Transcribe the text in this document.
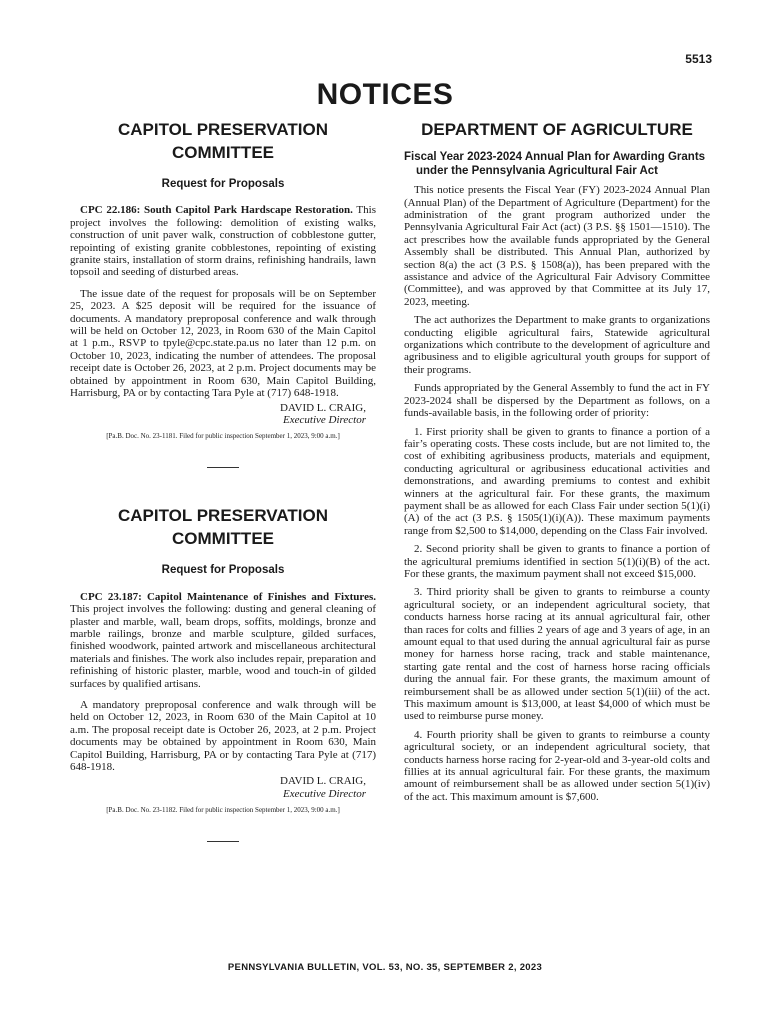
5513
NOTICES
CAPITOL PRESERVATION COMMITTEE
Request for Proposals

CPC 22.186: South Capitol Park Hardscape Restoration. This project involves the following: demolition of existing walks, construction of unit paver walk, construction of cobblestone gutter, repointing of existing granite cobblestones, repointing of existing granite stairs, installation of storm drains, refinishing handrails, lawn topsoil and seeding of disturbed areas.

The issue date of the request for proposals will be on September 25, 2023. A $25 deposit will be required for the issuance of documents. A mandatory preproposal conference and walk through will be held on October 12, 2023, in Room 630 of the Main Capitol at 1 p.m., RSVP to tpyle@cpc.state.pa.us no later than 12 p.m. on October 10, 2023, indicating the number of attendees. The proposal receipt date is October 26, 2023, at 2 p.m. Project documents may be obtained by appointment in Room 630, Main Capitol Building, Harrisburg, PA or by contacting Tara Pyle at (717) 648-1918.

DAVID L. CRAIG,
Executive Director
[Pa.B. Doc. No. 23-1181. Filed for public inspection September 1, 2023, 9:00 a.m.]
CAPITOL PRESERVATION COMMITTEE
Request for Proposals

CPC 23.187: Capitol Maintenance of Finishes and Fixtures. This project involves the following: dusting and general cleaning of plaster and marble, wall, beam drops, soffits, moldings, bronze and marble railings, bronze and marble sculpture, gilded surfaces, finished woodwork, painted artwork and miscellaneous architectural materials and finishes. The work also includes repair, preparation and refinishing of historic plaster, marble, wood and touch-in of gilded surfaces by qualified artisans.

A mandatory preproposal conference and walk through will be held on October 12, 2023, in Room 630 of the Main Capitol at 10 a.m. The proposal receipt date is October 26, 2023, at 2 p.m. Project documents may be obtained by appointment in Room 630, Main Capitol Building, Harrisburg, PA or by contacting Tara Pyle at (717) 648-1918.

DAVID L. CRAIG,
Executive Director
[Pa.B. Doc. No. 23-1182. Filed for public inspection September 1, 2023, 9:00 a.m.]
DEPARTMENT OF AGRICULTURE
Fiscal Year 2023-2024 Annual Plan for Awarding Grants under the Pennsylvania Agricultural Fair Act

This notice presents the Fiscal Year (FY) 2023-2024 Annual Plan (Annual Plan) of the Department of Agriculture (Department) for the administration of the grant program authorized under the Pennsylvania Agricultural Fair Act (act) (3 P.S. §§ 1501—1510). The act prescribes how the available funds appropriated by the General Assembly shall be distributed. This Annual Plan, authorized by section 8(a) the act (3 P.S. § 1508(a)), has been prepared with the assistance and advice of the Agricultural Fair Advisory Committee (Committee), and was approved by that Committee at its July 17, 2023, meeting.

The act authorizes the Department to make grants to organizations conducting eligible agricultural fairs, Statewide agricultural organizations which contribute to the development of agriculture and agribusiness and to eligible agricultural youth groups for support of their programs.

Funds appropriated by the General Assembly to fund the act in FY 2023-2024 shall be dispersed by the Department as follows, on a funds-available basis, in the following order of priority:

1. First priority shall be given to grants to finance a portion of a fair’s operating costs. These costs include, but are not limited to, the cost of exhibiting agribusiness products, materials and equipment, conducting agricultural or agribusiness educational activities and demonstrations, and awarding premiums to contest and exhibit winners at the agricultural fair. For these grants, the maximum payment shall be as allowed for each Class Fair under section 5(1)(i)(A) of the act (3 P.S. § 1505(1)(i)(A)). These maximum payments range from $2,500 to $14,000, depending on the Class Fair involved.

2. Second priority shall be given to grants to finance a portion of the agricultural premiums identified in section 5(1)(i)(B) of the act. For these grants, the maximum payment shall not exceed $15,000.

3. Third priority shall be given to grants to reimburse a county agricultural society, or an independent agricultural society, that conducts harness horse racing at its annual agricultural fair, other than races for colts and fillies 2 years of age and 3 years of age, in an amount equal to that used during the annual agricultural fair as purse money for harness horse racing, track and stable maintenance, starting gate rental and the cost of harness horse racing officials during the annual fair. For these grants, the maximum amount of reimbursement shall be as allowed under section 5(1)(iii) of the act. This maximum amount is $13,000, at least $4,000 of which must be used to reimburse purse money.

4. Fourth priority shall be given to grants to reimburse a county agricultural society, or an independent agricultural society, that conducts harness horse racing for 2-year-old and 3-year-old colts and fillies at its annual agricultural fair. For these grants, the maximum amount of reimbursement shall be as allowed under section 5(1)(iv) of the act. This maximum amount is $7,600.

PENNSYLVANIA BULLETIN, VOL. 53, NO. 35, SEPTEMBER 2, 2023
